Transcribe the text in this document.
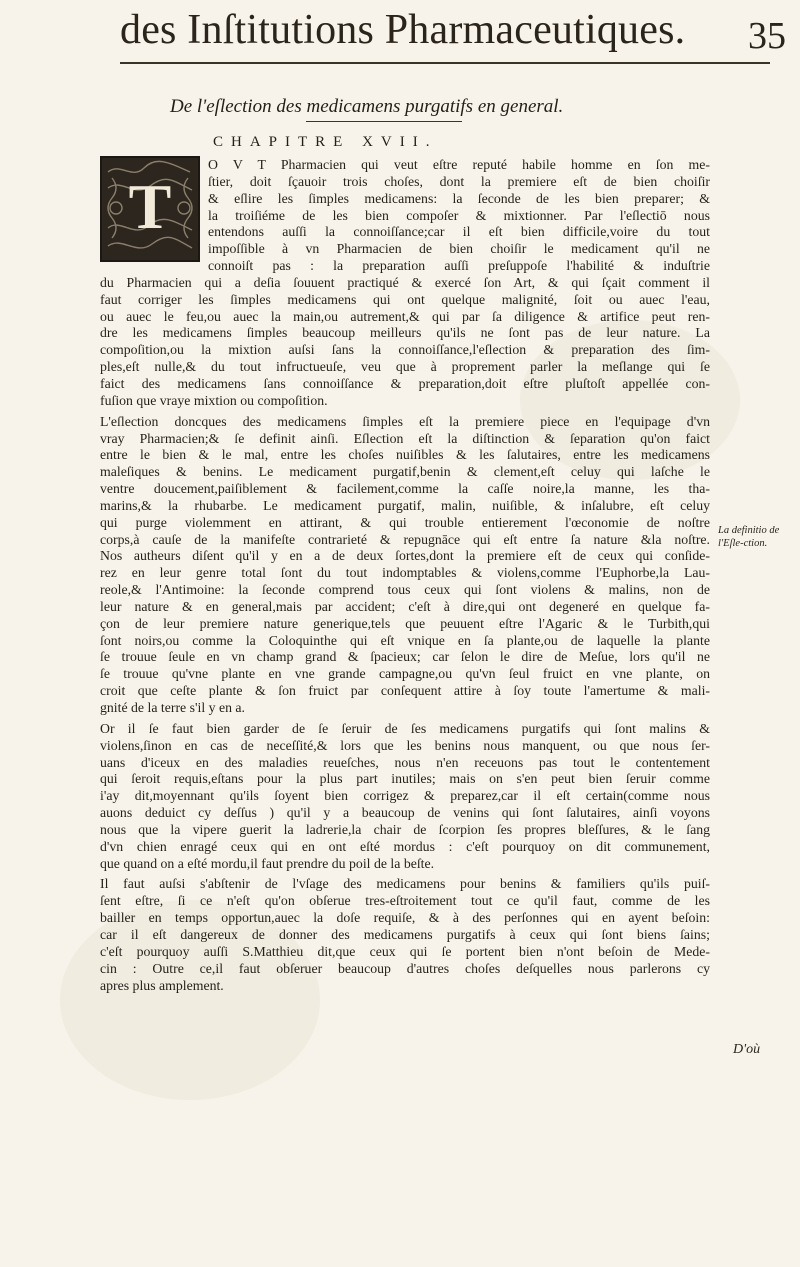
des Inſtitutions Pharmaceutiques.	35
De l'eſlection des medicamens purgatifs en general.
CHAPITRE XVII.
T
O V T Pharmacien qui veut eſtre reputé habile homme en ſon me-
ſtier, doit ſçauoir trois choſes, dont la premiere eſt de bien choiſir
& eſlire les ſimples medicamens: la ſeconde de les bien preparer; &
la troiſiéme de les bien compoſer & mixtionner. Par l'eſlectiō nous
entendons auſſi la connoiſſance;car il eſt bien difficile,voire du tout
impoſſible à vn Pharmacien de bien choiſir le medicament qu'il ne
connoiſt pas : la preparation auſſi preſuppoſe l'habilité & induſtrie
du Pharmacien qui a deſia ſouuent practiqué & exercé ſon Art, & qui ſçait comment il
faut corriger les ſimples medicamens qui ont quelque malignité, ſoit ou auec l'eau,
ou auec le feu,ou auec la main,ou autrement,& qui par ſa diligence & artifice peut ren-
dre les medicamens ſimples beaucoup meilleurs qu'ils ne ſont pas de leur nature. La
compoſition,ou la mixtion auſsi ſans la connoiſſance,l'eſlection & preparation des ſim-
ples,eſt nulle,& du tout infructueuſe, veu que à proprement parler la meſlange qui ſe
faict des medicamens ſans connoiſſance & preparation,doit eſtre pluſtoſt appellée con-
fuſion que vraye mixtion ou compoſition.
L'eſlection doncques des medicamens ſimples eſt la premiere piece en l'equipage d'vn
vray Pharmacien;& ſe definit ainſi. Eſlection eſt la diſtinction & ſeparation qu'on faict
entre le bien & le mal, entre les choſes nuiſibles & les ſalutaires, entre les medicamens
maleſiques & benins. Le medicament purgatif,benin & clement,eſt celuy qui laſche le
ventre doucement,paiſiblement & facilement,comme la caſſe noire,la manne, les tha-
marins,& la rhubarbe. Le medicament purgatif, malin, nuiſible, & inſalubre, eſt celuy
qui purge violemment en attirant, & qui trouble entierement l'œconomie de noſtre
corps,à cauſe de la manifeſte contrarieté & repugnāce qui eſt entre ſa nature &la noſtre.
Nos autheurs diſent qu'il y en a de deux ſortes,dont la premiere eſt de ceux qui conſide-
rez en leur genre total ſont du tout indomptables & violens,comme l'Euphorbe,la Lau-
reole,& l'Antimoine: la ſeconde comprend tous ceux qui ſont violens & malins, non de
leur nature & en general,mais par accident; c'eſt à dire,qui ont degeneré en quelque fa-
çon de leur premiere nature generique,tels que peuuent eſtre l'Agaric & le Turbith,qui
ſont noirs,ou comme la Coloquinthe qui eſt vnique en ſa plante,ou de laquelle la plante
ſe trouue ſeule en vn champ grand & ſpacieux; car ſelon le dire de Meſue, lors qu'il ne
ſe trouue qu'vne plante en vne grande campagne,ou qu'vn ſeul fruict en vne plante, on
croit que ceſte plante & ſon fruict par conſequent attire à ſoy toute l'amertume & mali-
gnité de la terre s'il y en a.
Or il ſe faut bien garder de ſe ſeruir de ſes medicamens purgatifs qui ſont malins &
violens,ſinon en cas de neceſſité,& lors que les benins nous manquent, ou que nous ſer-
uans d'iceux en des maladies reueſches, nous n'en receuons pas tout le contentement
qui ſeroit requis,eſtans pour la plus part inutiles; mais on s'en peut bien ſeruir comme
i'ay dit,moyennant qu'ils ſoyent bien corrigez & preparez,car il eſt certain(comme nous
auons deduict cy deſſus ) qu'il y a beaucoup de venins qui ſont ſalutaires, ainſi voyons
nous que la vipere guerit la ladrerie,la chair de ſcorpion ſes propres bleſſures, & le ſang
d'vn chien enragé ceux qui en ont eſté mordus : c'eſt pourquoy on dit communement,
que quand on a eſté mordu,il faut prendre du poil de la beſte.
Il faut auſsi s'abſtenir de l'vſage des medicamens pour benins & familiers qu'ils puiſ-
ſent eſtre, ſi ce n'eſt qu'on obſerue tres-eſtroitement tout ce qu'il faut, comme de les
bailler en temps opportun,auec la doſe requiſe, & à des perſonnes qui en ayent beſoin:
car il eſt dangereux de donner des medicamens purgatifs à ceux qui ſont biens ſains;
c'eſt pourquoy auſſi S.Matthieu dit,que ceux qui ſe portent bien n'ont beſoin de Mede-
cin : Outre ce,il faut obſeruer beaucoup d'autres choſes deſquelles nous parlerons cy
apres plus amplement.
La definitio de l'Eſle-ction.
D'où
